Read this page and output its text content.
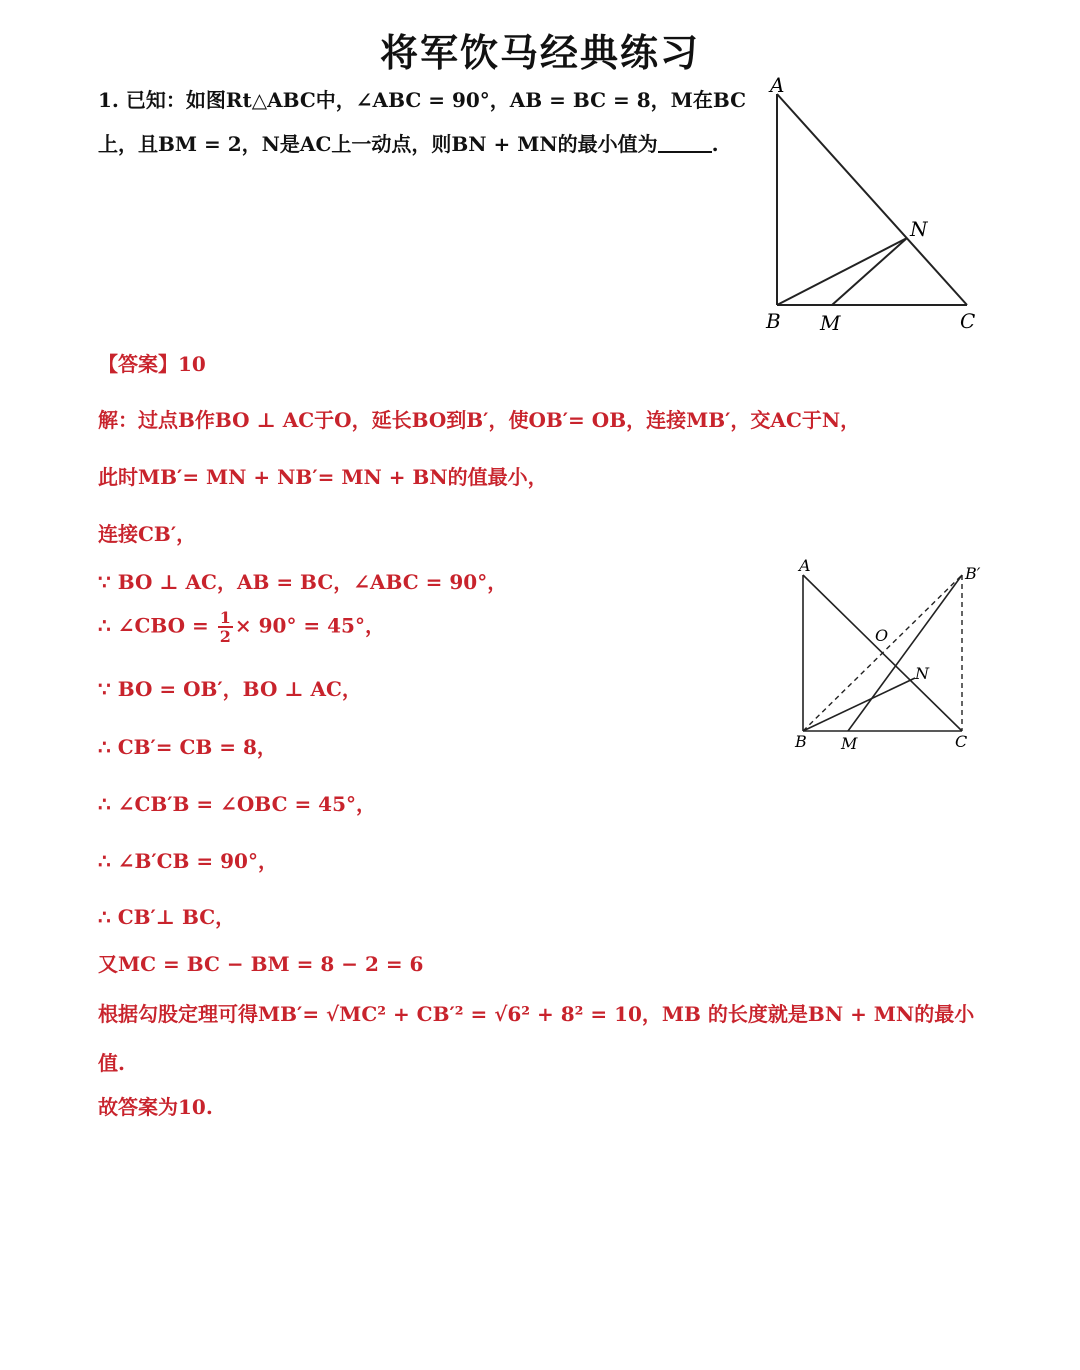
将军饮马经典练习
1. 已知：如图Rt△ABC中，∠ABC = 90°，AB = BC = 8，M在BC
上，且BM = 2，N是AC上一动点，则BN + MN的最小值为	.
A
B M	C
N
A	B′
O
N
B M	C
【答案】10
解：过点B作BO ⊥ AC于O，延长BO到B′，使OB′= OB，连接MB′，交AC于N，
此时MB′= MN + NB′= MN + BN的值最小，
连接CB′，
∵ BO ⊥ AC，AB = BC，∠ABC = 90°，
∴ ∠CBO = $\frac{1}{2} \times 90^\circ = 45^\circ$，
∵ BO = OB′，BO ⊥ AC，
∴ CB′= CB = 8，
∴ ∠CB′B = ∠OBC = 45°，
∴ ∠B′CB = 90°，
∴ CB′⊥ BC，
又MC = BC − BM = 8 − 2 = 6
根据勾股定理可得MB′= √MC² + CB′² = √6² + 8² = 10，MB 的长度就是BN + MN的最小
值.
故答案为10.
